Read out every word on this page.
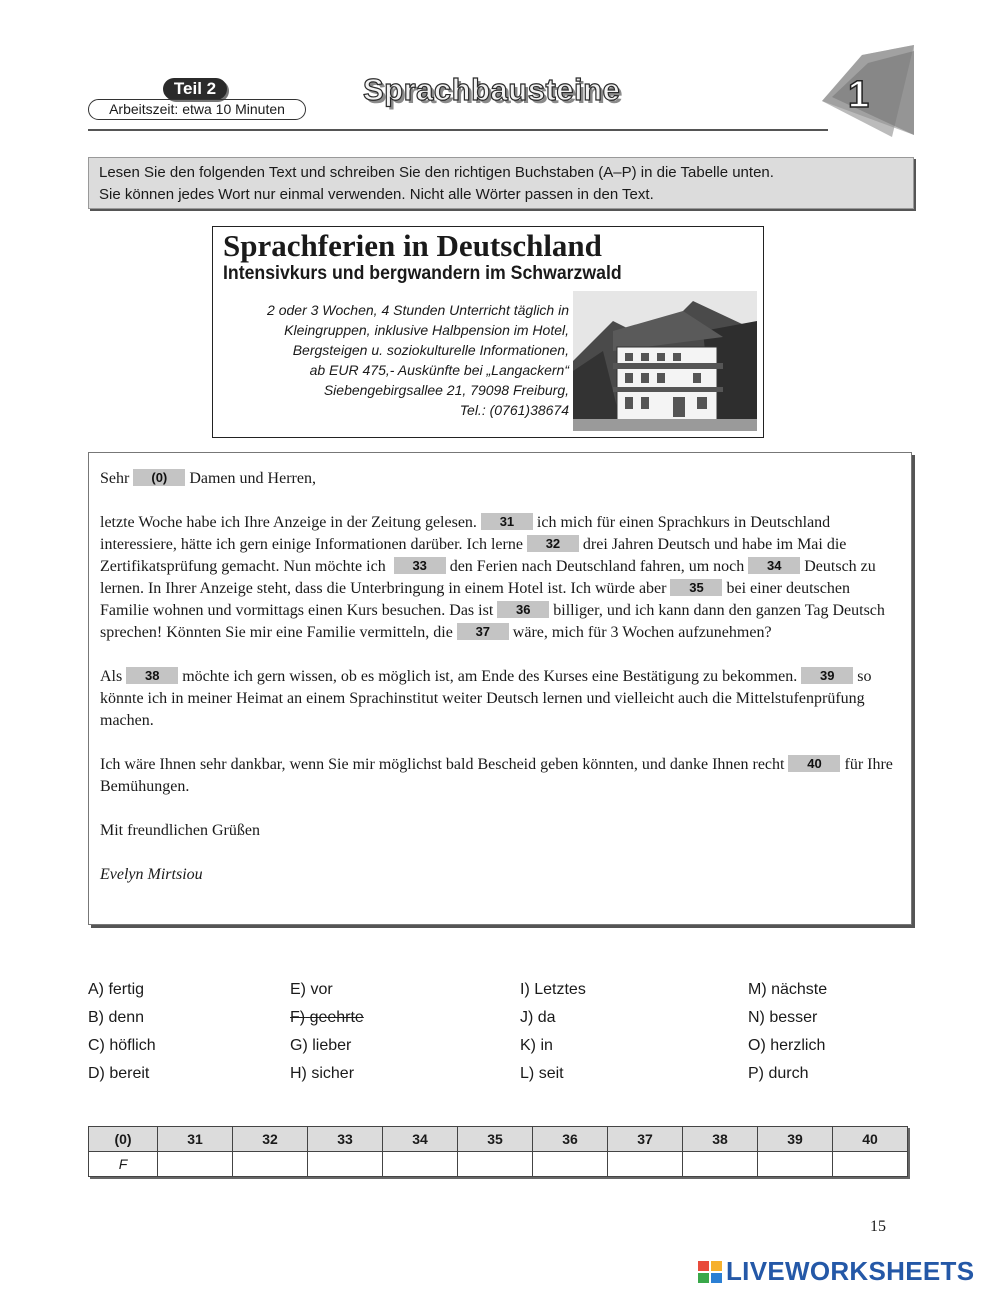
Teil 2
Arbeitszeit: etwa 10 Minuten
Sprachbausteine	1
Lesen Sie den folgenden Text und schreiben Sie den richtigen Buchstaben (A–P) in die Tabelle unten.
Sie können jedes Wort nur einmal verwenden. Nicht alle Wörter passen in den Text.
Sprachferien in Deutschland
Intensivkurs und bergwandern im Schwarzwald
2 oder 3 Wochen, 4 Stunden Unterricht täglich in
Kleingruppen, inklusive Halbpension im Hotel,
Bergsteigen u. soziokulturelle Informationen,
ab EUR 475,- Auskünfte bei „Langackern“
Siebengebirgsallee 21, 79098 Freiburg,
Tel.: (0761)38674

Sehr (0) Damen und Herren,

letzte Woche habe ich Ihre Anzeige in der Zeitung gelesen. 31 ich mich für einen Sprachkurs in Deutschland interessiere, hätte ich gern einige Informationen darüber. Ich lerne 32 drei Jahren Deutsch und habe im Mai die Zertifikatsprüfung gemacht. Nun möchte ich 33 den Ferien nach Deutschland fahren, um noch 34 Deutsch zu lernen. In Ihrer Anzeige steht, dass die Unterbringung in einem Hotel ist. Ich würde aber 35 bei einer deutschen Familie wohnen und vormittags einen Kurs besuchen. Das ist 36 billiger, und ich kann dann den ganzen Tag Deutsch sprechen! Könnten Sie mir eine Familie vermitteln, die 37 wäre, mich für 3 Wochen aufzunehmen?

Als 38 möchte ich gern wissen, ob es möglich ist, am Ende des Kurses eine Bestätigung zu bekommen. 39 so könnte ich in meiner Heimat an einem Sprachinstitut weiter Deutsch lernen und vielleicht auch die Mittelstufenprüfung machen.

Ich wäre Ihnen sehr dankbar, wenn Sie mir möglichst bald Bescheid geben könnten, und danke Ihnen recht 40 für Ihre Bemühungen.

Mit freundlichen Grüßen

Evelyn Mirtsiou

A) fertig
B) denn
C) höflich
D) bereit
E) vor
F) geehrte
G) lieber
H) sicher
I) Letztes
J) da
K) in
L) seit
M) nächste
N) besser
O) herzlich
P) durch
(0)	31	32	33	34	35	36	37	38	39	40
F										
15
LIVEWORKSHEETS
